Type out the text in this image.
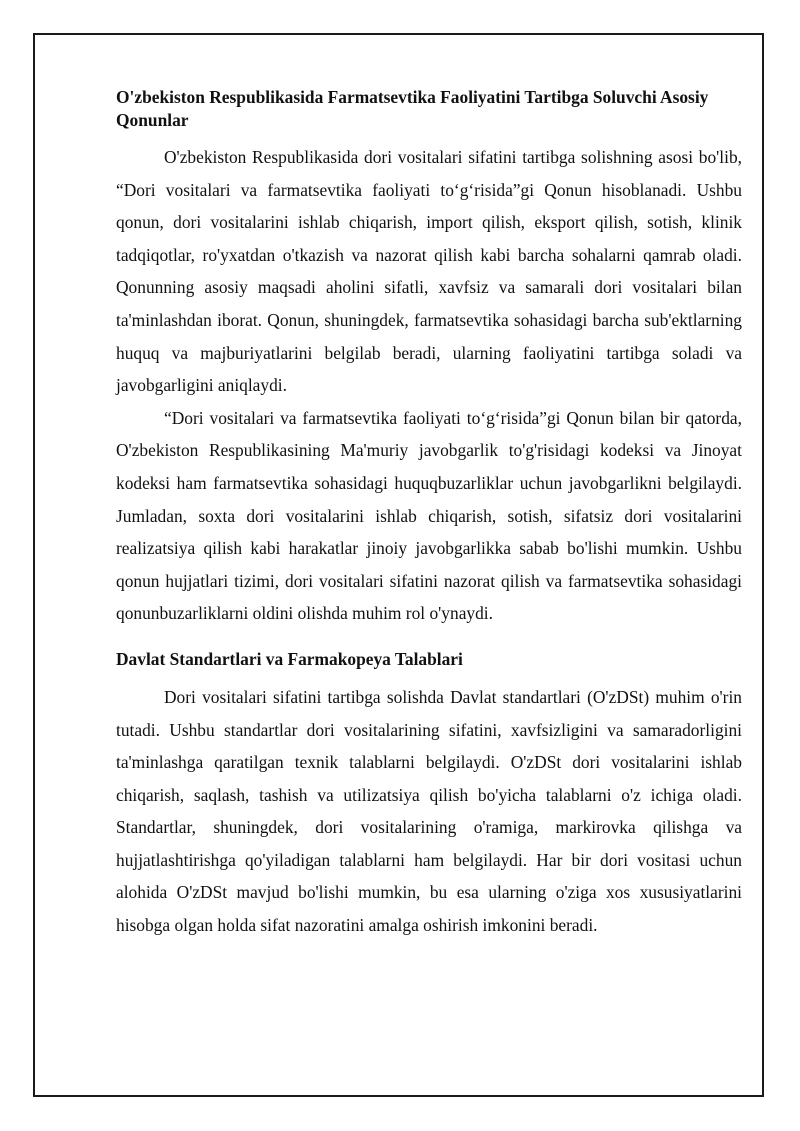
O'zbekiston Respublikasida Farmatsevtika Faoliyatini Tartibga Soluvchi Asosiy Qonunlar

O'zbekiston Respublikasida dori vositalari sifatini tartibga solishning asosi bo'lib, “Dori vositalari va farmatsevtika faoliyati to‘g‘risida”gi Qonun hisoblanadi. Ushbu qonun, dori vositalarini ishlab chiqarish, import qilish, eksport qilish, sotish, klinik tadqiqotlar, ro'yxatdan o'tkazish va nazorat qilish kabi barcha sohalarni qamrab oladi. Qonunning asosiy maqsadi aholini sifatli, xavfsiz va samarali dori vositalari bilan ta'minlashdan iborat. Qonun, shuningdek, farmatsevtika sohasidagi barcha sub'ektlarning huquq va majburiyatlarini belgilab beradi, ularning faoliyatini tartibga soladi va javobgarligini aniqlaydi.

“Dori vositalari va farmatsevtika faoliyati to‘g‘risida”gi Qonun bilan bir qatorda, O'zbekiston Respublikasining Ma'muriy javobgarlik to'g'risidagi kodeksi va Jinoyat kodeksi ham farmatsevtika sohasidagi huquqbuzarliklar uchun javobgarlikni belgilaydi. Jumladan, soxta dori vositalarini ishlab chiqarish, sotish, sifatsiz dori vositalarini realizatsiya qilish kabi harakatlar jinoiy javobgarlikka sabab bo'lishi mumkin. Ushbu qonun hujjatlari tizimi, dori vositalari sifatini nazorat qilish va farmatsevtika sohasidagi qonunbuzarliklarni oldini olishda muhim rol o'ynaydi.

Davlat Standartlari va Farmakopeya Talablari

Dori vositalari sifatini tartibga solishda Davlat standartlari (O'zDSt) muhim o'rin tutadi. Ushbu standartlar dori vositalarining sifatini, xavfsizligini va samaradorligini ta'minlashga qaratilgan texnik talablarni belgilaydi. O'zDSt dori vositalarini ishlab chiqarish, saqlash, tashish va utilizatsiya qilish bo'yicha talablarni o'z ichiga oladi. Standartlar, shuningdek, dori vositalarining o'ramiga, markirovka qilishga va hujjatlashtirishga qo'yiladigan talablarni ham belgilaydi. Har bir dori vositasi uchun alohida O'zDSt mavjud bo'lishi mumkin, bu esa ularning o'ziga xos xususiyatlarini hisobga olgan holda sifat nazoratini amalga oshirish imkonini beradi.
